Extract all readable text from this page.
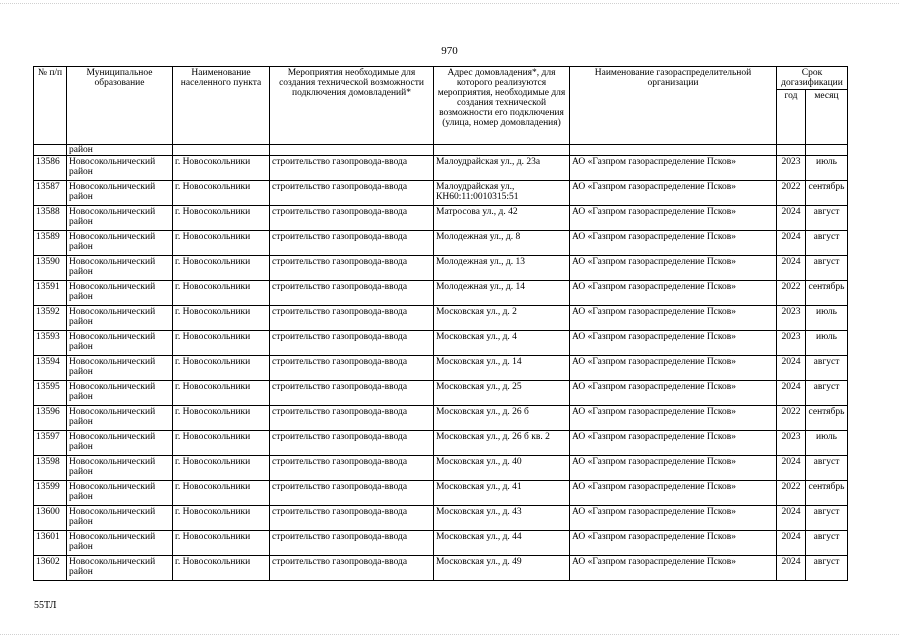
970
№ п/п	Муниципальное образование	Наименование населенного пункта	Мероприятия необходимые для создания технической возможности подключения домовладений*	Адрес домовладения*, для которого реализуются мероприятия, необходимые для создания технической возможности его подключения (улица, номер домовладения)	Наименование газораспределительной организации	Срок догазификации	
						год	месяц
	район						
13586	Новосокольнический район	г. Новосокольники	строительство газопровода-ввода	Малоудрайская ул., д. 23а	АО «Газпром газораспределение Псков»	2023	июль
13587	Новосокольнический район	г. Новосокольники	строительство газопровода-ввода	Малоудрайская ул., КН60:11:0010315:51	АО «Газпром газораспределение Псков»	2022	сентябрь
13588	Новосокольнический район	г. Новосокольники	строительство газопровода-ввода	Матросова ул., д. 42	АО «Газпром газораспределение Псков»	2024	август
13589	Новосокольнический район	г. Новосокольники	строительство газопровода-ввода	Молодежная ул., д. 8	АО «Газпром газораспределение Псков»	2024	август
13590	Новосокольнический район	г. Новосокольники	строительство газопровода-ввода	Молодежная ул., д. 13	АО «Газпром газораспределение Псков»	2024	август
13591	Новосокольнический район	г. Новосокольники	строительство газопровода-ввода	Молодежная ул., д. 14	АО «Газпром газораспределение Псков»	2022	сентябрь
13592	Новосокольнический район	г. Новосокольники	строительство газопровода-ввода	Московская ул., д. 2	АО «Газпром газораспределение Псков»	2023	июль
13593	Новосокольнический район	г. Новосокольники	строительство газопровода-ввода	Московская ул., д. 4	АО «Газпром газораспределение Псков»	2023	июль
13594	Новосокольнический район	г. Новосокольники	строительство газопровода-ввода	Московская ул., д. 14	АО «Газпром газораспределение Псков»	2024	август
13595	Новосокольнический район	г. Новосокольники	строительство газопровода-ввода	Московская ул., д. 25	АО «Газпром газораспределение Псков»	2024	август
13596	Новосокольнический район	г. Новосокольники	строительство газопровода-ввода	Московская ул., д. 26 б	АО «Газпром газораспределение Псков»	2022	сентябрь
13597	Новосокольнический район	г. Новосокольники	строительство газопровода-ввода	Московская ул., д. 26 б кв. 2	АО «Газпром газораспределение Псков»	2023	июль
13598	Новосокольнический район	г. Новосокольники	строительство газопровода-ввода	Московская ул., д. 40	АО «Газпром газораспределение Псков»	2024	август
13599	Новосокольнический район	г. Новосокольники	строительство газопровода-ввода	Московская ул., д. 41	АО «Газпром газораспределение Псков»	2022	сентябрь
13600	Новосокольнический район	г. Новосокольники	строительство газопровода-ввода	Московская ул., д. 43	АО «Газпром газораспределение Псков»	2024	август
13601	Новосокольнический район	г. Новосокольники	строительство газопровода-ввода	Московская ул., д. 44	АО «Газпром газораспределение Псков»	2024	август
13602	Новосокольнический район	г. Новосокольники	строительство газопровода-ввода	Московская ул., д. 49	АО «Газпром газораспределение Псков»	2024	август
55ТЛ
